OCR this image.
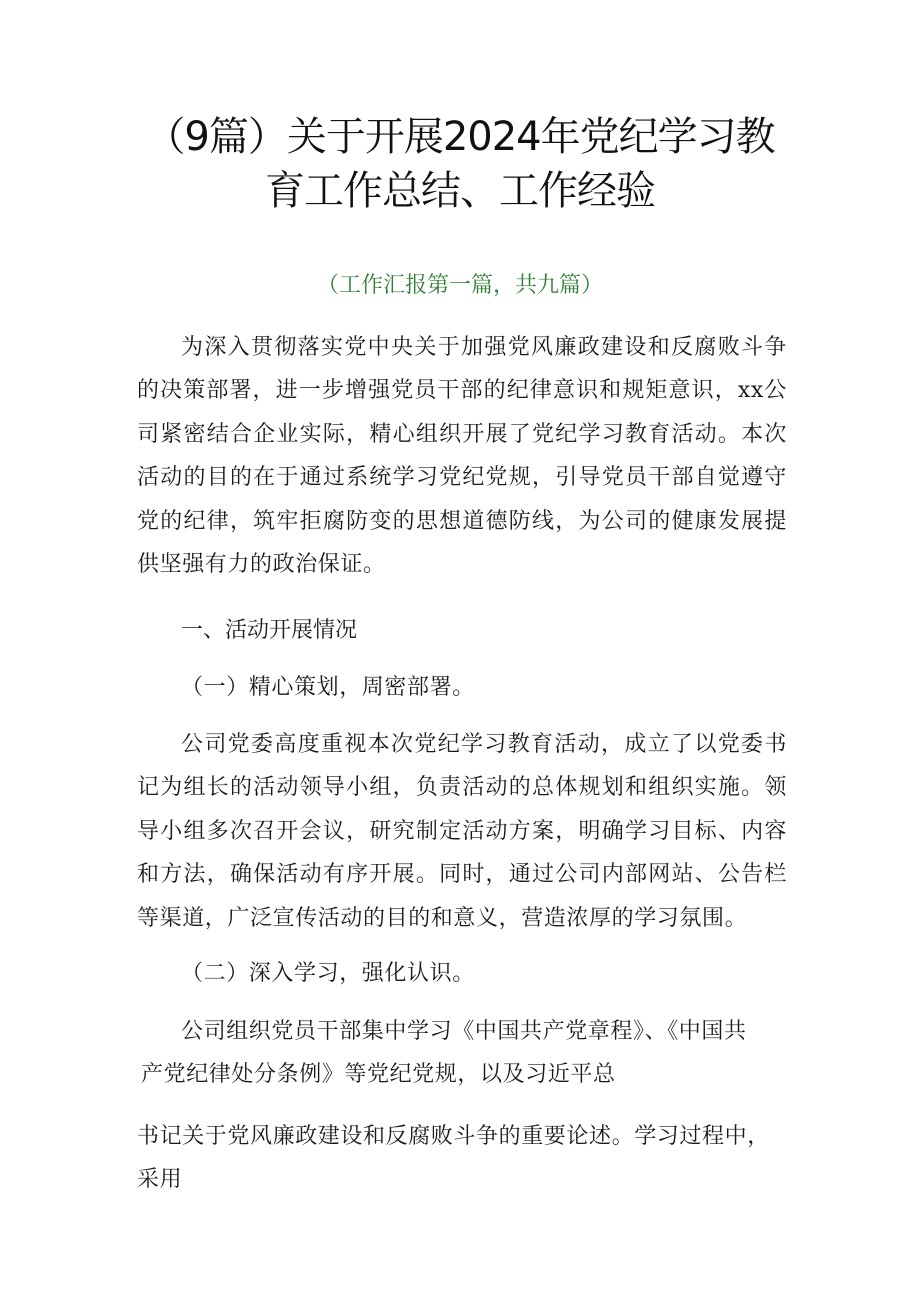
（9篇）关于开展2024年党纪学习教育工作总结、工作经验
（工作汇报第一篇，共九篇）

为深入贯彻落实党中央关于加强党风廉政建设和反腐败斗争的决策部署，进一步增强党员干部的纪律意识和规矩意识，xx公司紧密结合企业实际，精心组织开展了党纪学习教育活动。本次活动的目的在于通过系统学习党纪党规，引导党员干部自觉遵守党的纪律，筑牢拒腐防变的思想道德防线，为公司的健康发展提供坚强有力的政治保证。

一、活动开展情况
（一）精心策划，周密部署。

公司党委高度重视本次党纪学习教育活动，成立了以党委书记为组长的活动领导小组，负责活动的总体规划和组织实施。领导小组多次召开会议，研究制定活动方案，明确学习目标、内容和方法，确保活动有序开展。同时，通过公司内部网站、公告栏等渠道，广泛宣传活动的目的和意义，营造浓厚的学习氛围。

（二）深入学习，强化认识。
公司组织党员干部集中学习《中国共产党章程》、《中国共
产党纪律处分条例》等党纪党规，以及习近平总
书记关于党风廉政建设和反腐败斗争的重要论述。学习过程中，
采用
